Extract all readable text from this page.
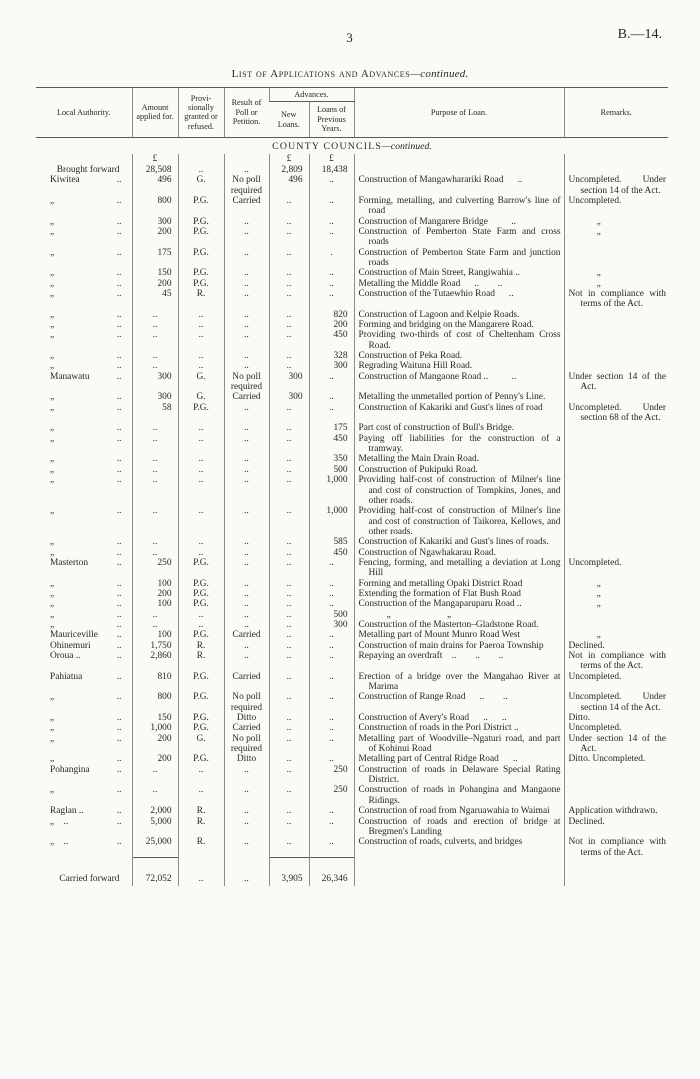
3	B.—14.
List of Applications and Advances—continued.
Local Authority.	Amount applied for.	Provisionally granted or refused.	Result of Poll or Petition.	Advances.		Purpose of Loan.	Remarks.
				New Loans.	Loans of Previous Years.		
COUNTY COUNCILS—continued.							

	£			£	£		

Brought forward	28,508	..	..	2,809	18,438		

Kiwitea ..	496	G.	No poll required	496	..	Construction of Mangawharariki Road  ..	Uncompleted. Under section 14 of the Act.

„ ..	800	P.G.	Carried	..	..	Forming, metalling, and culverting Barrow's line of road	Uncompleted.

„ ..	300	P.G.	..	..	..	Construction of Mangarere Bridge   ..	   „

„ ..	200	P.G.	..	..	..	Construction of Pemberton State Farm and cross roads	   „

„ ..	175	P.G.	..	..	.	Construction of Pemberton State Farm and junction roads	

„ ..	150	P.G.	..	..	..	Construction of Main Street, Rangiwahia ..	   „

„ ..	200	P.G.	..	..	..	Metalling the Middle Road  ..  ..	   „

„ ..	45	R.	..	..	..	Construction of the Tutaewhio Road  ..	Not in compliance with terms of the Act.

„ ..	..	..	..	..	820	Construction of Lagoon and Kelpie Roads.	

„ ..	..	..	..	..	200	Forming and bridging on the Mangarere Road.	

„ ..	..	..	..	..	450	Providing two-thirds of cost of Cheltenham Cross Road.	

„ ..	..	..	..	..	328	Construction of Peka Road.	

„ ..	..	..	..	..	300	Regrading Waituna Hill Road.	

Manawatu ..	300	G.	No poll required	300	..	Construction of Mangaone Road ..   ..	Under section 14 of the Act.

„ ..	300	G.	Carried	300	..	Metalling the unmetalled portion of Penny's Line.	

„ ..	58	P.G.	..	..	..	Construction of Kakariki and Gust's lines of road	Uncompleted. Under section 68 of the Act.

„ ..	..	..	..	..	175	Part cost of construction of Bull's Bridge.	

„ ..	..	..	..	..	450	Paying off liabilities for the construction of a tramway.	

„ ..	..	..	..	..	350	Metalling the Main Drain Road.	

„ ..	..	..	..	..	500	Construction of Pukipuki Road.	

„ ..	..	..	..	..	1,000	Providing half-cost of construction of Milner's line and cost of construction of Tompkins, Jones, and other roads.	

„ ..	..	..	..	..	1,000	Providing half-cost of construction of Milner's line and cost of construction of Taikorea, Kellows, and other roads.	

„ ..	..	..	..	..	585	Construction of Kakariki and Gust's lines of roads.	

„ ..	..	..	..	..	450	Construction of Ngawhakarau Road.	

Masterton ..	250	P.G.	..	..	..	Fencing, forming, and metalling a deviation at Long Hill	Uncompleted.

„ ..	100	P.G.	..	..	..	Forming and metalling Opaki District Road	   „

„ ..	200	P.G.	..	..	..	Extending the formation of Flat Bush Road	   „

„ ..	100	P.G.	..	..	..	Construction of the Mangaparuparu Road ..	   „

„ ..	..	..	..	..	500	   „      „	

„ ..	..	..	..	..	300	Construction of the Masterton–Gladstone Road.	

Mauriceville ..	100	P.G.	Carried	..	..	Metalling part of Mount Munro Road West	   „

Ohinemuri ..	1,750	R.	..	..	..	Construction of main drains for Paeroa Township	Declined.

Oroua .. ..	2,860	R.	..	..	..	Repaying an overdraft ..  ..  ..	Not in compliance with terms of the Act.

Pahiatua ..	810	P.G.	Carried	..	..	Erection of a bridge over the Mangahao River at Marima	Uncompleted.

„ ..	800	P.G.	No poll required	..	..	Construction of Range Road  ..  ..	Uncompleted. Under section 14 of the Act.

„ ..	150	P.G.	Ditto	..	..	Construction of Avery's Road  ..  ..	Ditto.

„ ..	1,000	P.G.	Carried	..	..	Construction of roads in the Pori District ..	Uncompleted.

„ ..	200	G.	No poll required	..	..	Metalling part of Woodville–Ngaturi road, and part of Kohinui Road	Under section 14 of the Act.

„ ..	200	P.G.	Ditto	..	..	Metalling part of Central Ridge Road  ..	Ditto. Uncompleted.

Pohangina ..	..	..	..	..	250	Construction of roads in Delaware Special Rating District.	

„ ..	..	..	..	..	250	Construction of roads in Pohangina and Mangaone Ridings.	

Raglan .. ..	2,000	R.	..	..	..	Construction of road from Ngaruawahia to Waimai	Application withdrawn.

„  .. ..	5,000	R.	..	..	..	Construction of roads and erection of bridge at Bregmen's Landing	Declined.

„  .. ..	25,000	R.	..	..	..	Construction of roads, culverts, and bridges	Not in compliance with terms of the Act.

Carried forward	72,052	..	..	3,905	26,346		
